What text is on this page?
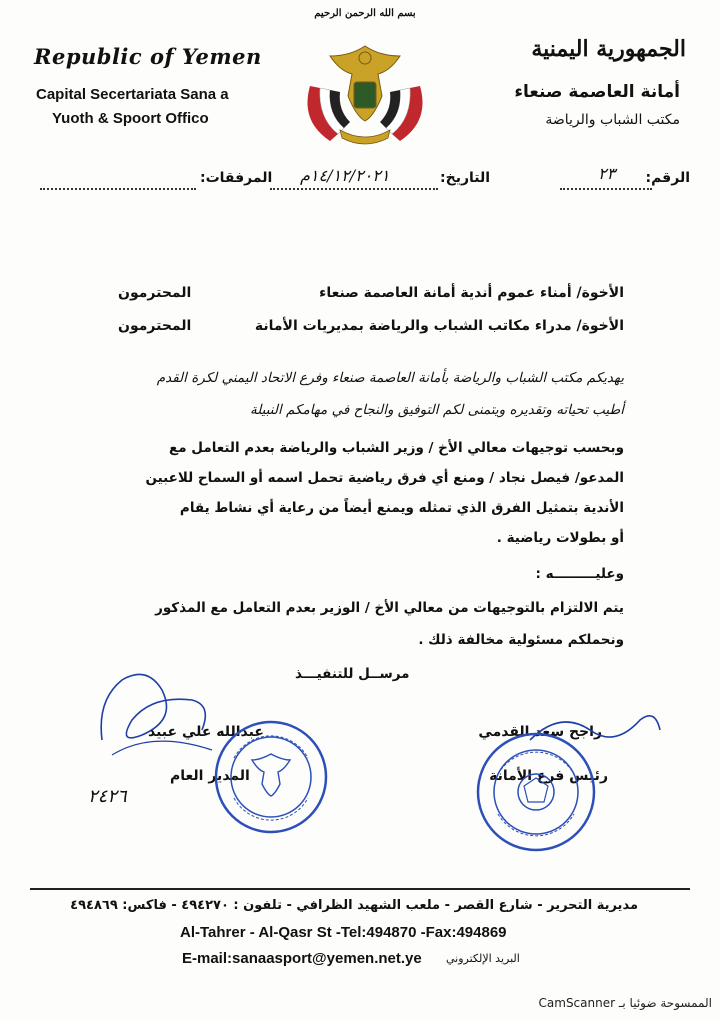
Republic of Yemen
Capital Secertariata Sana a
Yuoth & Spoort Offico
الجمهورية اليمنية
أمانة العاصمة صنعاء
مكتب الشباب والرياضة
بسم الله الرحمن الرحيم
الرقم:
٢٣
التاريخ:
١٤/١٢/٢٠٢١م
المرفقات:
الأخوة/ أمناء عموم أندية أمانة العاصمة صنعاء
المحترمون
الأخوة/ مدراء مكاتب الشباب والرياضة بمديريات الأمانة
المحترمون
يهديكم مكتب الشباب والرياضة بأمانة العاصمة صنعاء وفرع الاتحاد اليمني لكرة القدم
أطيب تحياته وتقديره ويتمنى لكم التوفيق والنجاح في مهامكم النبيلة
وبحسب توجيهات معالي الأخ / وزير الشباب والرياضة بعدم التعامل مع
المدعو/ فيصل نجاد / ومنع أي فرق رياضية تحمل اسمه أو السماح للاعبين
الأندية بتمثيل الفرق الذي تمثله ويمنع أيضاً من رعاية أي نشاط يقام
أو بطولات رياضية .
وعليـــــــــه :
يتم الالتزام بالتوجيهات من معالي الأخ / الوزير بعدم التعامل مع المذكور
ونحملكم مسئولية مخالفة ذلك .
مرســل للتنفيـــذ
عبدالله علي عبيد
المدير العام
٢٤٢٦
راجح سعد القدمي
رئيس فرع الأمانة
مديرية التحرير - شارع القصر - ملعب الشهيد الظرافي - تلفون : ٤٩٤٢٧٠ - فاكس: ٤٩٤٨٦٩
Al-Tahrer - Al-Qasr St -Tel:494870 -Fax:494869
E-mail:sanaasport@yemen.net.ye البريد الإلكتروني
CamScanner الممسوحة ضوئيا بـ
